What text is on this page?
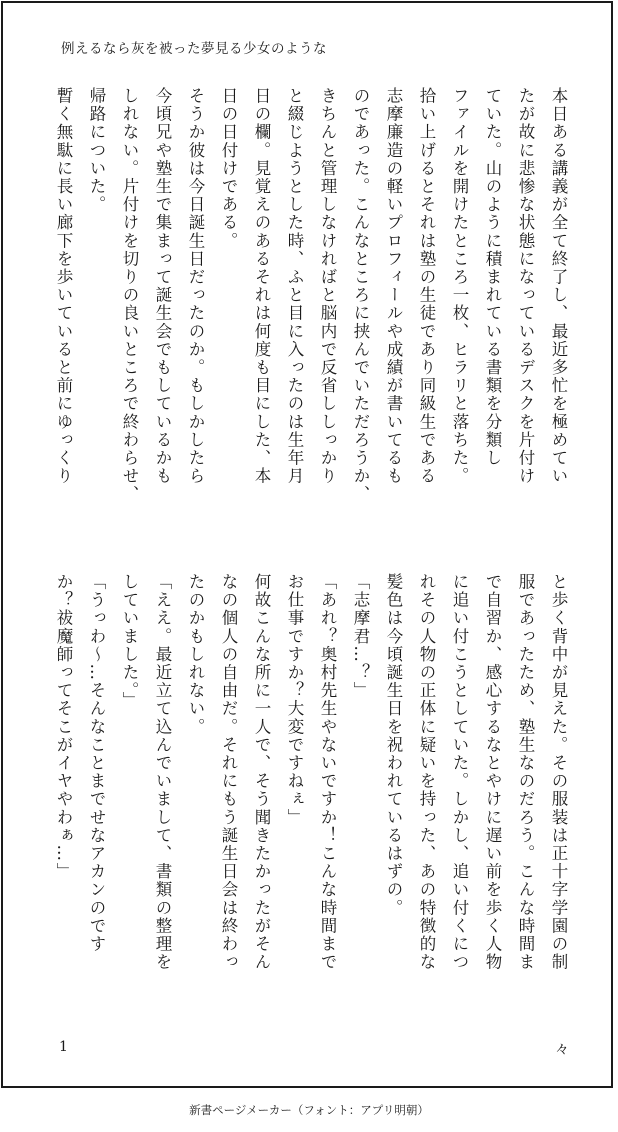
例えるなら灰を被った夢見る少女のような
本日ある講義が全て終了し、最近多忙を極めてい
たが故に悲惨な状態になっているデスクを片付け
ていた。山のように積まれている書類を分類し
ファイルを開けたところ一枚、ヒラリと落ちた。
拾い上げるとそれは塾の生徒であり同級生である
志摩廉造の軽いプロフィールや成績が書いてるも
のであった。こんなところに挟んでいただろうか、
きちんと管理しなければと脳内で反省ししっかり
と綴じようとした時、ふと目に入ったのは生年月
日の欄。見覚えのあるそれは何度も目にした、本
日の日付けである。
そうか彼は今日誕生日だったのか。もしかしたら
今頃兄や塾生で集まって誕生会でもしているかも
しれない。片付けを切りの良いところで終わらせ、
帰路についた。
暫く無駄に長い廊下を歩いていると前にゆっくり
と歩く背中が見えた。その服装は正十字学園の制
服であったため、塾生なのだろう。こんな時間ま
で自習か、感心するなとやけに遅い前を歩く人物
に追い付こうとしていた。しかし、追い付くにつ
れその人物の正体に疑いを持った、あの特徴的な
髪色は今頃誕生日を祝われているはずの。
「志摩君…？」
「あれ？奥村先生やないですか！こんな時間まで
お仕事ですか？大変ですねぇ」
何故こんな所に一人で、そう聞きたかったがそん
なの個人の自由だ。それにもう誕生日会は終わっ
たのかもしれない。
「ええ。最近立て込んでいまして、書類の整理を
していました。」
「うっわ～…そんなことまでせなアカンのです
か？祓魔師ってそこがイヤやわぁ…」
1	々
新書ページメーカー（フォント：アプリ明朝）
